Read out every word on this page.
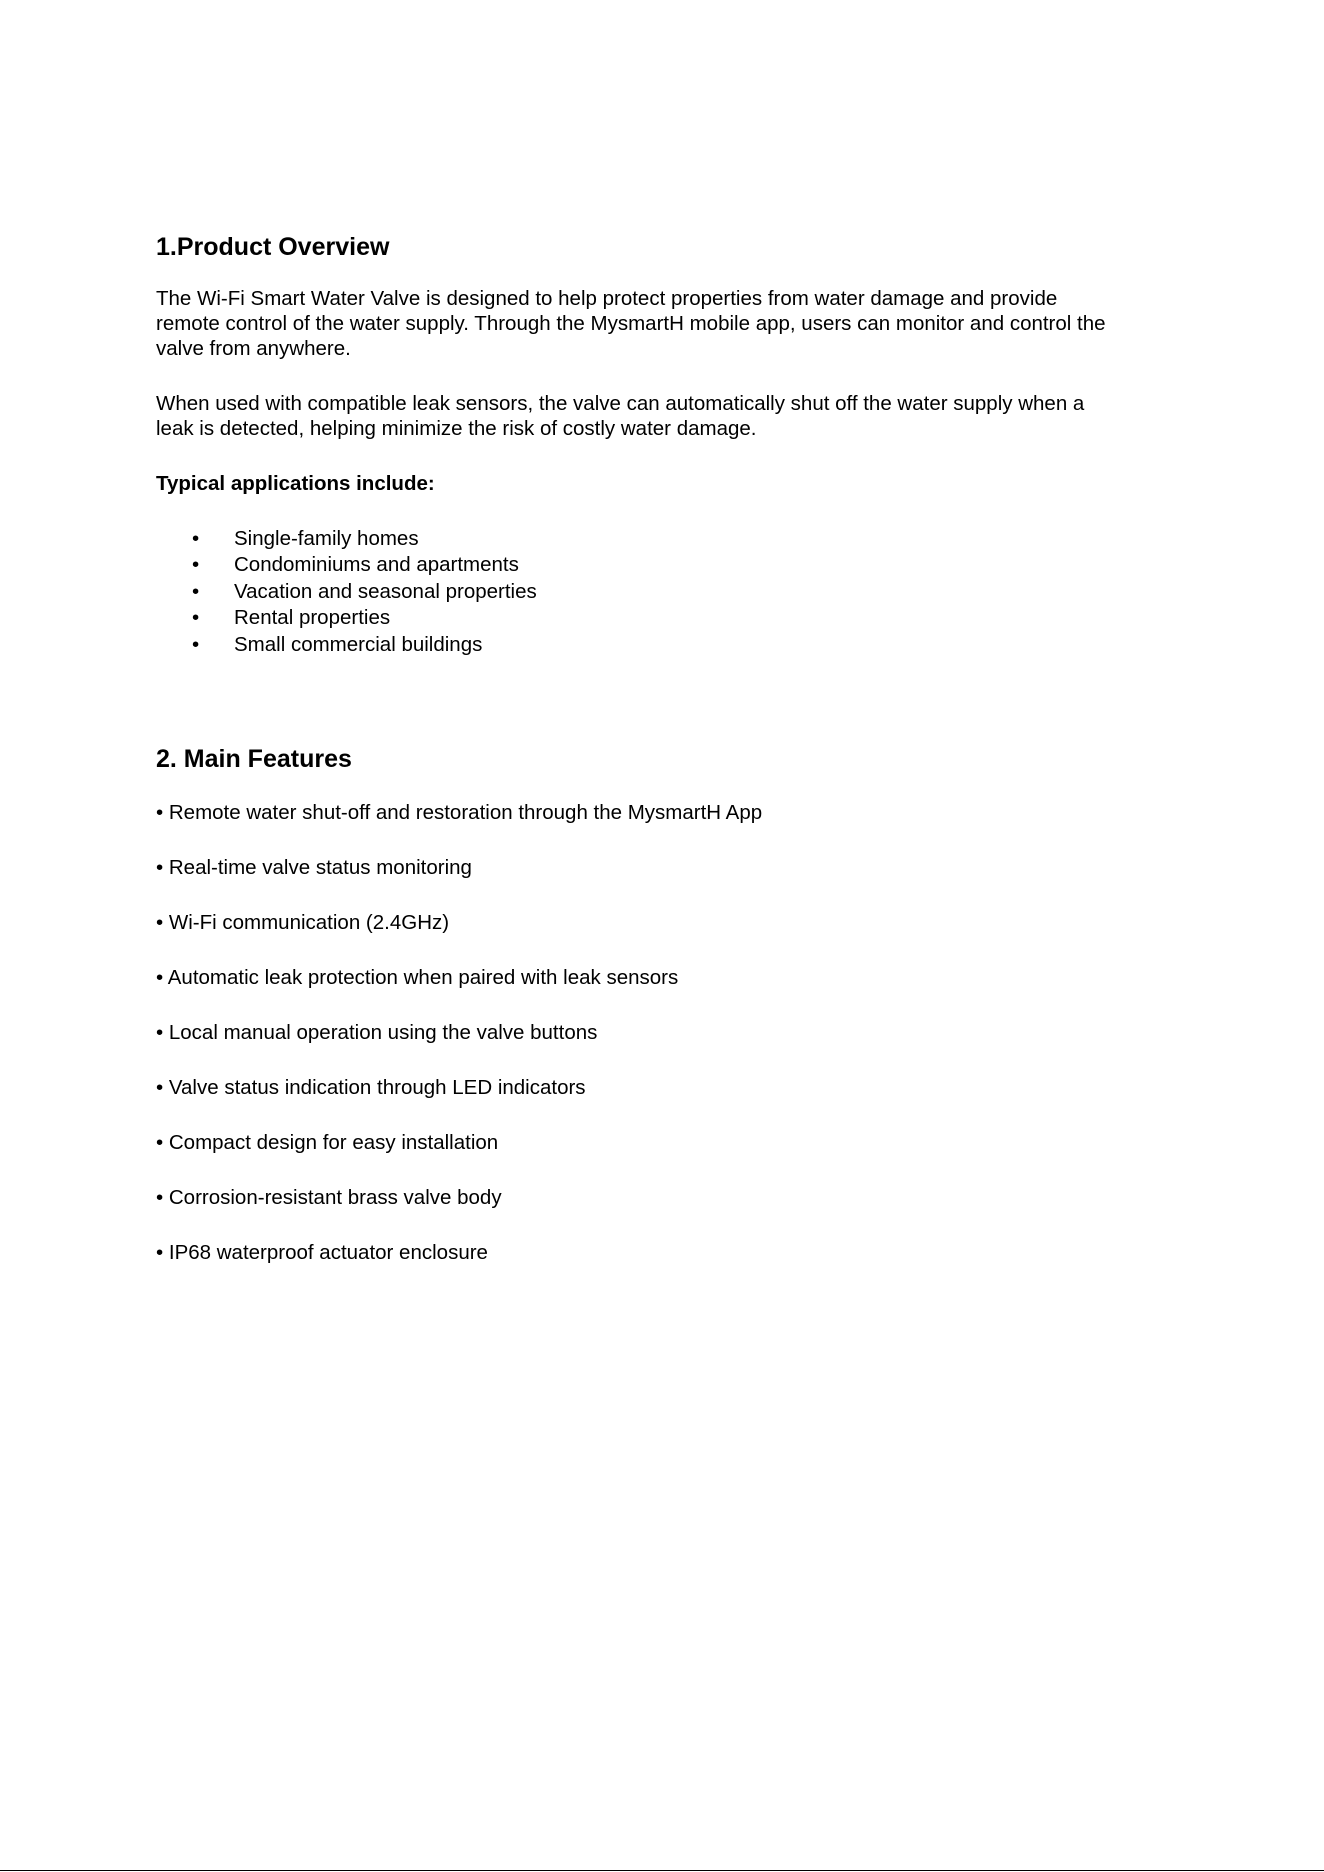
1.Product Overview
The Wi-Fi Smart Water Valve is designed to help protect properties from water damage and provide
remote control of the water supply. Through the MysmartH mobile app, users can monitor and control the
valve from anywhere.
When used with compatible leak sensors, the valve can automatically shut off the water supply when a
leak is detected, helping minimize the risk of costly water damage.
Typical applications include:
• Single-family homes
• Condominiums and apartments
• Vacation and seasonal properties
• Rental properties
• Small commercial buildings
2. Main Features
• Remote water shut-off and restoration through the MysmartH App
• Real-time valve status monitoring
• Wi-Fi communication (2.4GHz)
• Automatic leak protection when paired with leak sensors
• Local manual operation using the valve buttons
• Valve status indication through LED indicators
• Compact design for easy installation
• Corrosion-resistant brass valve body
• IP68 waterproof actuator enclosure
